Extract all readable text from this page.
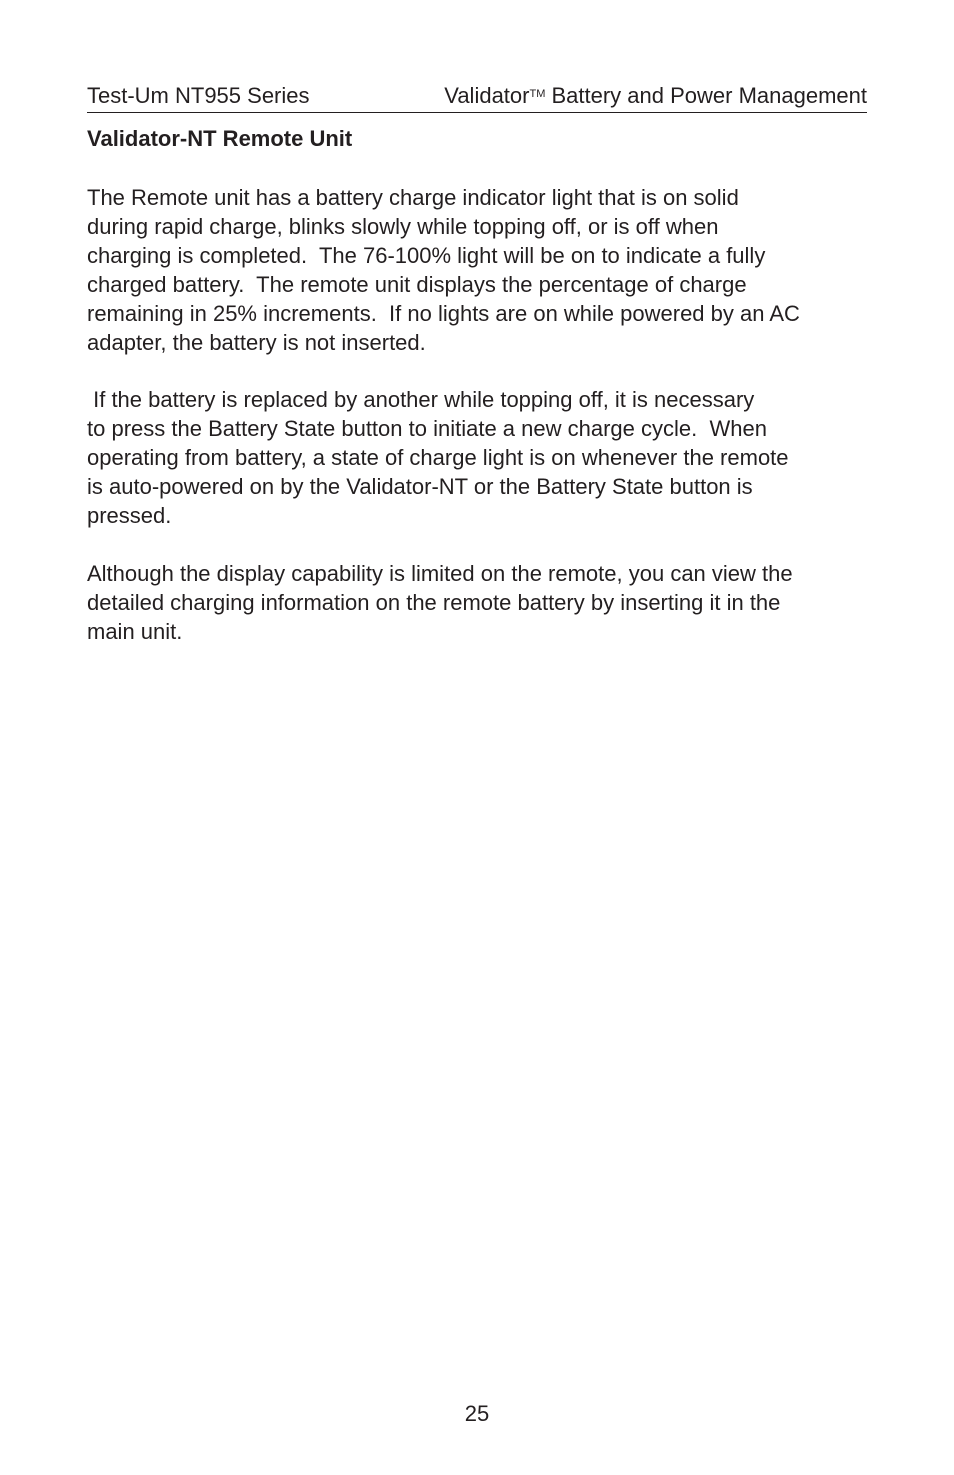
Test-Um NT955 Series	Validator™ Battery and Power Management
Validator-NT Remote Unit
The Remote unit has a battery charge indicator light that is on solid
during rapid charge, blinks slowly while topping off, or is off when
charging is completed.  The 76-100% light will be on to indicate a fully
charged battery.  The remote unit displays the percentage of charge
remaining in 25% increments.  If no lights are on while powered by an AC
adapter, the battery is not inserted.
If the battery is replaced by another while topping off, it is necessary
to press the Battery State button to initiate a new charge cycle.  When
operating from battery, a state of charge light is on whenever the remote
is auto-powered on by the Validator-NT or the Battery State button is
pressed.
Although the display capability is limited on the remote, you can view the
detailed charging information on the remote battery by inserting it in the
main unit.
25
